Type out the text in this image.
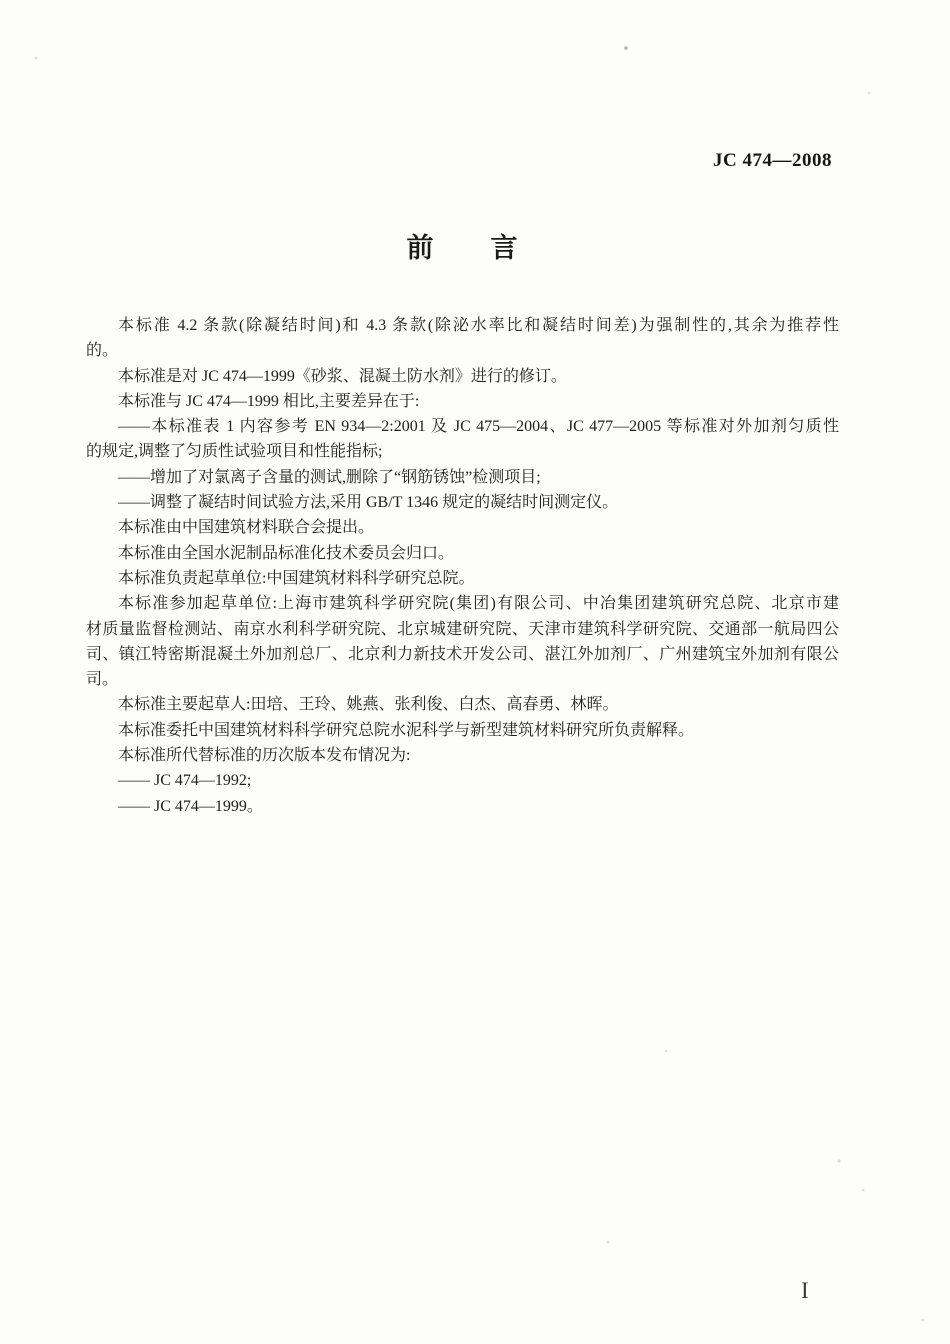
JC 474—2008
前　　言
本标准 4.2 条款(除凝结时间)和 4.3 条款(除泌水率比和凝结时间差)为强制性的,其余为推荐性
的。
本标准是对 JC 474—1999《砂浆、混凝土防水剂》进行的修订。
本标准与 JC 474—1999 相比,主要差异在于:
——本标准表 1 内容参考 EN 934—2:2001 及 JC 475—2004、JC 477—2005 等标准对外加剂匀质性
的规定,调整了匀质性试验项目和性能指标;
——增加了对氯离子含量的测试,删除了“钢筋锈蚀”检测项目;
——调整了凝结时间试验方法,采用 GB/T 1346 规定的凝结时间测定仪。
本标准由中国建筑材料联合会提出。
本标准由全国水泥制品标准化技术委员会归口。
本标准负责起草单位:中国建筑材料科学研究总院。
本标准参加起草单位:上海市建筑科学研究院(集团)有限公司、中冶集团建筑研究总院、北京市建
材质量监督检测站、南京水利科学研究院、北京城建研究院、天津市建筑科学研究院、交通部一航局四公
司、镇江特密斯混凝土外加剂总厂、北京利力新技术开发公司、湛江外加剂厂、广州建筑宝外加剂有限公
司。
本标准主要起草人:田培、王玲、姚燕、张利俊、白杰、高春勇、林晖。
本标准委托中国建筑材料科学研究总院水泥科学与新型建筑材料研究所负责解释。
本标准所代替标准的历次版本发布情况为:
—— JC 474—1992;
—— JC 474—1999。
I
